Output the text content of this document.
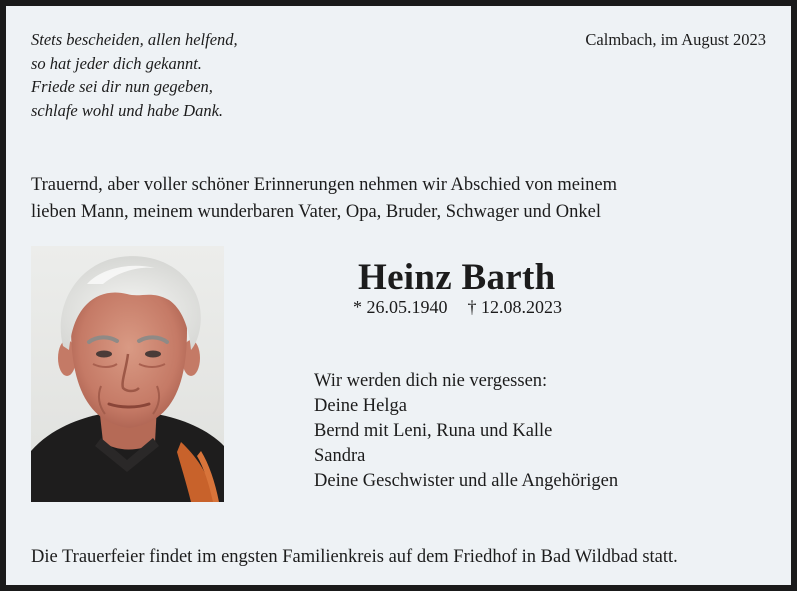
Stets bescheiden, allen helfend,
so hat jeder dich gekannt.
Friede sei dir nun gegeben,
schlafe wohl und habe Dank.
Calmbach, im August 2023
Trauernd, aber voller schöner Erinnerungen nehmen wir Abschied von meinem
lieben Mann, meinem wunderbaren Vater, Opa, Bruder, Schwager und Onkel
Heinz Barth
* 26.05.1940 † 12.08.2023
Wir werden dich nie vergessen:
Deine Helga
Bernd mit Leni, Runa und Kalle
Sandra
Deine Geschwister und alle Angehörigen
Die Trauerfeier findet im engsten Familienkreis auf dem Friedhof in Bad Wildbad statt.
